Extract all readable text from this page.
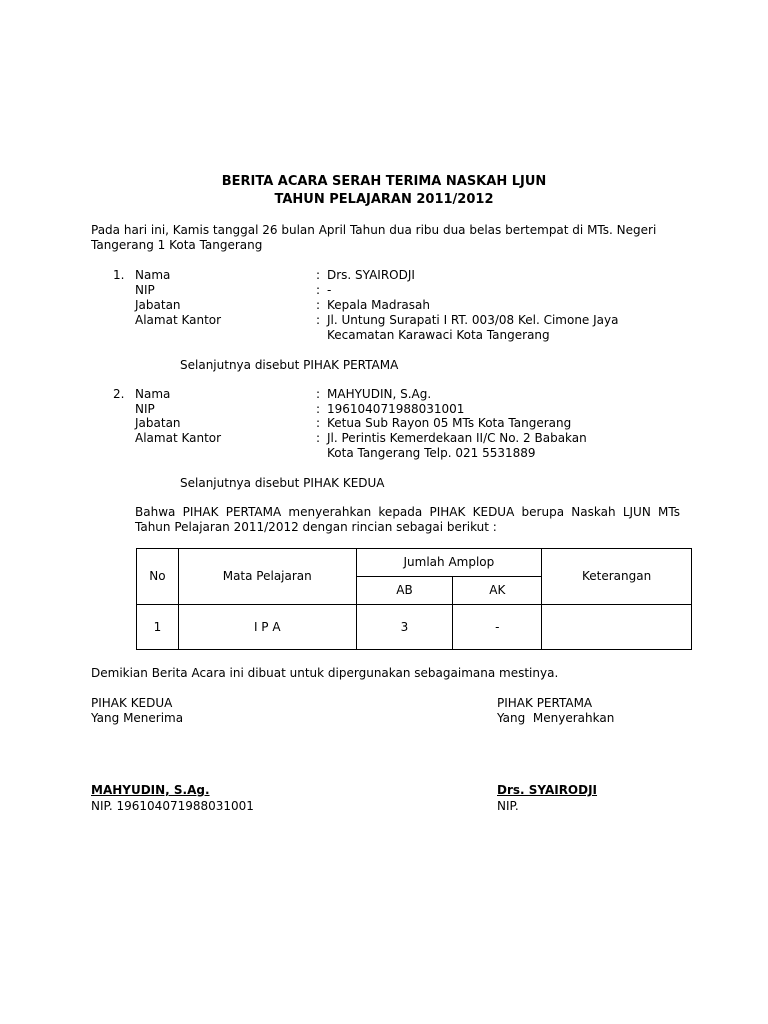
BERITA ACARA SERAH TERIMA NASKAH LJUN
TAHUN PELAJARAN 2011/2012
Pada hari ini, Kamis tanggal 26 bulan April Tahun dua ribu dua belas bertempat di MTs. Negeri Tangerang 1 Kota Tangerang
1. Nama	: Drs. SYAIRODJI
NIP	: -
Jabatan	: Kepala Madrasah
Alamat Kantor	: Jl. Untung Surapati I RT. 003/08 Kel. Cimone Jaya
Kecamatan Karawaci Kota Tangerang
Selanjutnya disebut PIHAK PERTAMA
2. Nama	: MAHYUDIN, S.Ag.
NIP	: 196104071988031001
Jabatan	: Ketua Sub Rayon 05 MTs Kota Tangerang
Alamat Kantor	: Jl. Perintis Kemerdekaan II/C No. 2 Babakan
Kota Tangerang Telp. 021 5531889
Selanjutnya disebut PIHAK KEDUA
Bahwa PIHAK PERTAMA menyerahkan kepada PIHAK KEDUA berupa Naskah LJUN MTs Tahun Pelajaran 2011/2012 dengan rincian sebagai berikut :
No	Mata Pelajaran	Jumlah Amplop		Keterangan
		AB	AK	
1	I P A	3	-	
Demikian Berita Acara ini dibuat untuk dipergunakan sebagaimana mestinya.
PIHAK KEDUA
Yang Menerima
MAHYUDIN, S.Ag.
NIP. 196104071988031001
PIHAK PERTAMA
Yang  Menyerahkan
Drs. SYAIRODJI
NIP.
